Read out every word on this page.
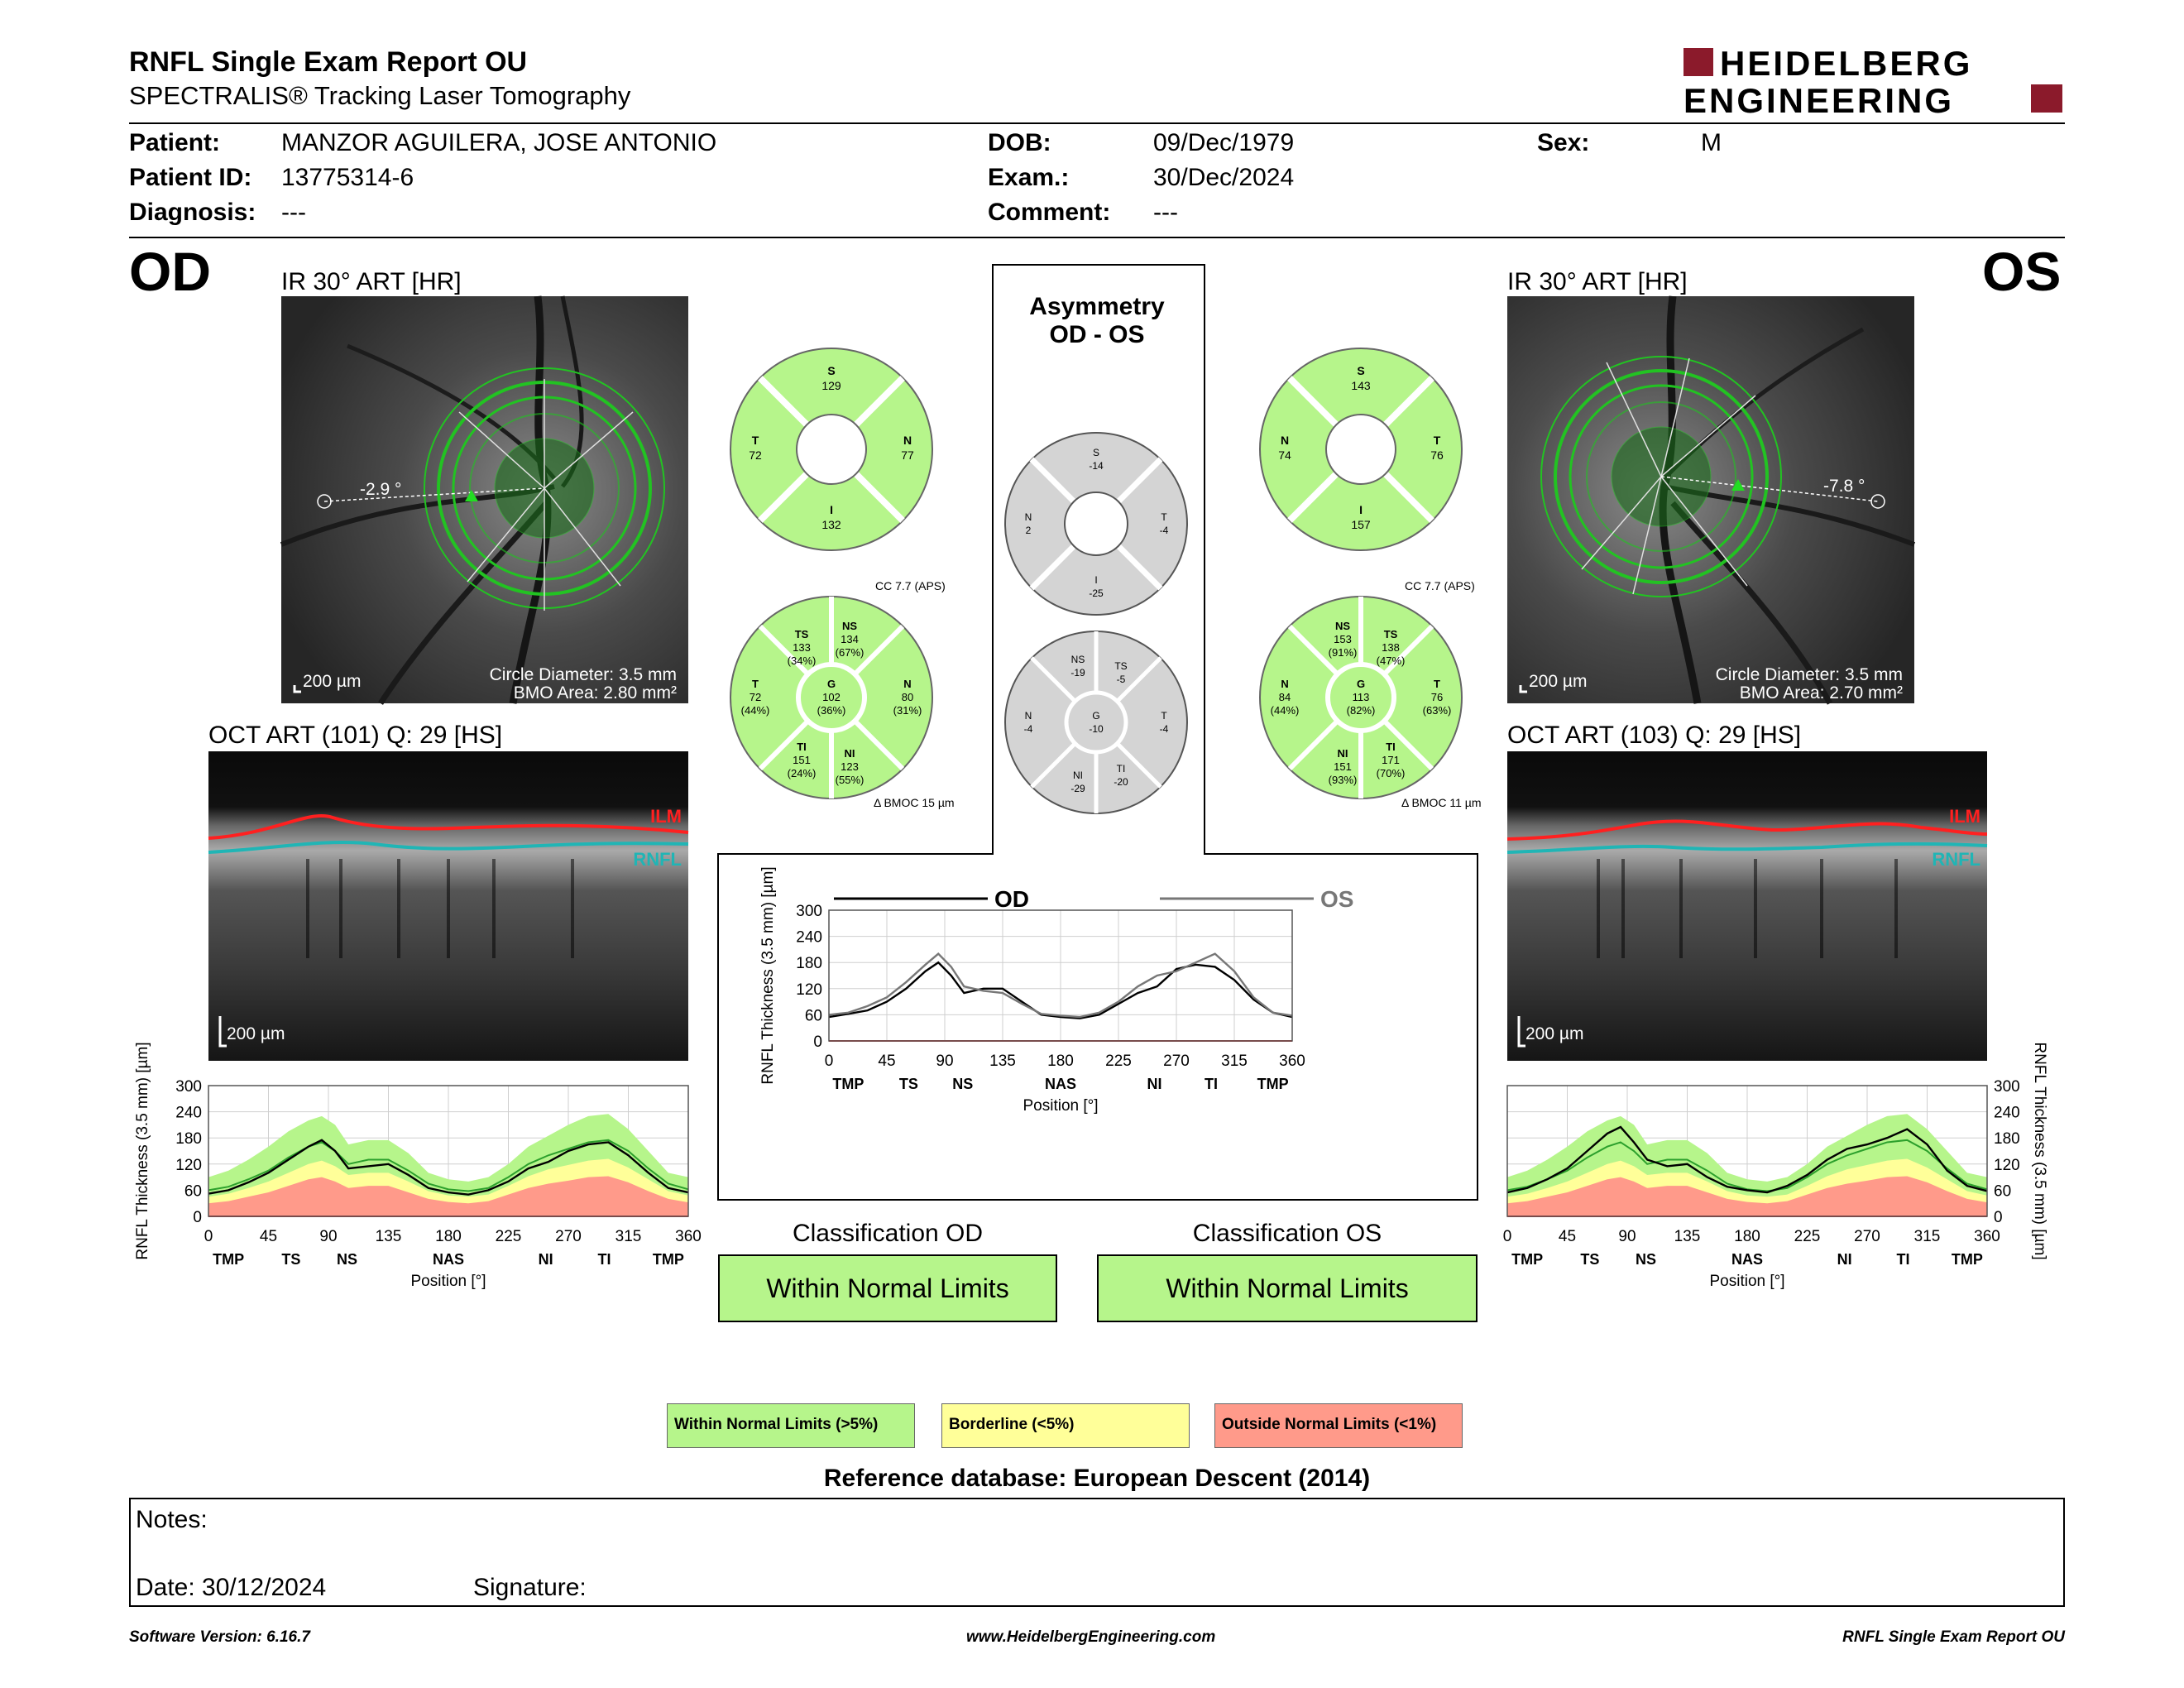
RNFL Single Exam Report OU
SPECTRALIS® Tracking Laser Tomography
HEIDELBERG
ENGINEERING
Patient: MANZOR AGUILERA, JOSE ANTONIO
Patient ID: 13775314-6
Diagnosis: ---
DOB:	09/Dec/1979
Exam.:	30/Dec/2024
Comment: ---
Sex:	M
OD	OS
IR 30° ART [HR]
-2.9 °
200 µm	Circle Diameter: 3.5 mm
BMO Area: 2.80 mm²
IR 30° ART [HR]
-7.8 °
200 µm	Circle Diameter: 3.5 mm
BMO Area: 2.70 mm²
OCT ART (101) Q: 29 [HS]
ILM
RNFL
200 µm
OCT ART (103) Q: 29 [HS]
ILM
RNFL
200 µm
Asymmetry
OD - OS
S
129
T
72
N
77
I
132
S
143
N
74
T
76
I
157
S
-14
N
2
T
-4
I
-25
CC 7.7 (APS)	CC 7.7 (APS)
TS
133
(34%)
NS
134
(67%)
T
72
(44%)
G
102
(36%)
N
80
(31%)
TI
151
(24%)
NI
123
(55%)
NS
153
(91%)
TS
138
(47%)
N
84
(44%)
G
113
(82%)
T
76
(63%)
NI
151
(93%)
TI
171
(70%)
NS
-19
TS
-5
N
-4
G
-10
T
-4
NI
-29
TI
-20
Δ BMOC 15 µm	Δ BMOC 11 µm
0
60
120
180
240
300
0	45	90 135 180 225 270 315 360
TMP	TS NS	NAS	NI	TI	TMP
Position [°]
RNFL Thickness (3.5 mm) [µm]
OD	OS
0
60
120
180
240
300
0	45	90 135 180 225 270 315 360
TMP TS NS	NAS	NI	TI	TMP
Position [°]
RNFL Thickness (3.5 mm) [µm]
0
60
120
180
240
300
0	45	90 135 180 225 270 315 360
TMP	TS NS	NAS	NI	TI	TMP
Position [°]
RNFL Thickness (3.5 mm) [µm]
Classification OD
Within Normal Limits
Classification OS
Within Normal Limits
Within Normal Limits (>5%)	Borderline (<5%)	Outside Normal Limits (<1%)
Reference database: European Descent (2014)
Notes:
Date: 30/12/2024	Signature:
Software Version: 6.16.7	www.HeidelbergEngineering.com	RNFL Single Exam Report OU
